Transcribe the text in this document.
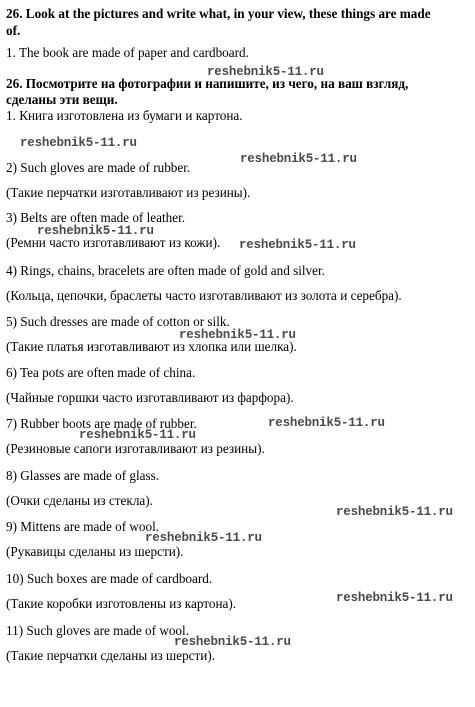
26. Look at the pictures and write what, in your view, these things are made
of.
1. The book are made of paper and cardboard.
reshebnik5-11.ru
26. Посмотрите на фотографии и напишите, из чего, на ваш взгляд,
сделаны эти вещи.
1. Книга изготовлена из бумаги и картона.
reshebnik5-11.ru
2) Such gloves are made of rubber.
reshebnik5-11.ru
(Такие перчатки изготавливают из резины).
3) Belts are often made of leather.
reshebnik5-11.ru
(Ремни часто изготавливают из кожи). reshebnik5-11.ru
4) Rings, chains, bracelets are often made of gold and silver.
(Кольца, цепочки, браслеты часто изготавливают из золота и серебра).
5) Such dresses are made of cotton or silk.
reshebnik5-11.ru
(Такие платья изготавливают из хлопка или шелка).
6) Tea pots are often made of china.
(Чайные горшки часто изготавливают из фарфора).
7) Rubber boots are made of rubber.	reshebnik5-11.ru
reshebnik5-11.ru
(Резиновые сапоги изготавливают из резины).
8) Glasses are made of glass.
(Очки сделаны из стекла).
reshebnik5-11.ru
9) Mittens are made of wool.
reshebnik5-11.ru
(Рукавицы сделаны из шерсти).
10) Such boxes are made of cardboard.
(Такие коробки изготовлены из картона).	reshebnik5-11.ru
11) Such gloves are made of wool.
reshebnik5-11.ru
(Такие перчатки сделаны из шерсти).
